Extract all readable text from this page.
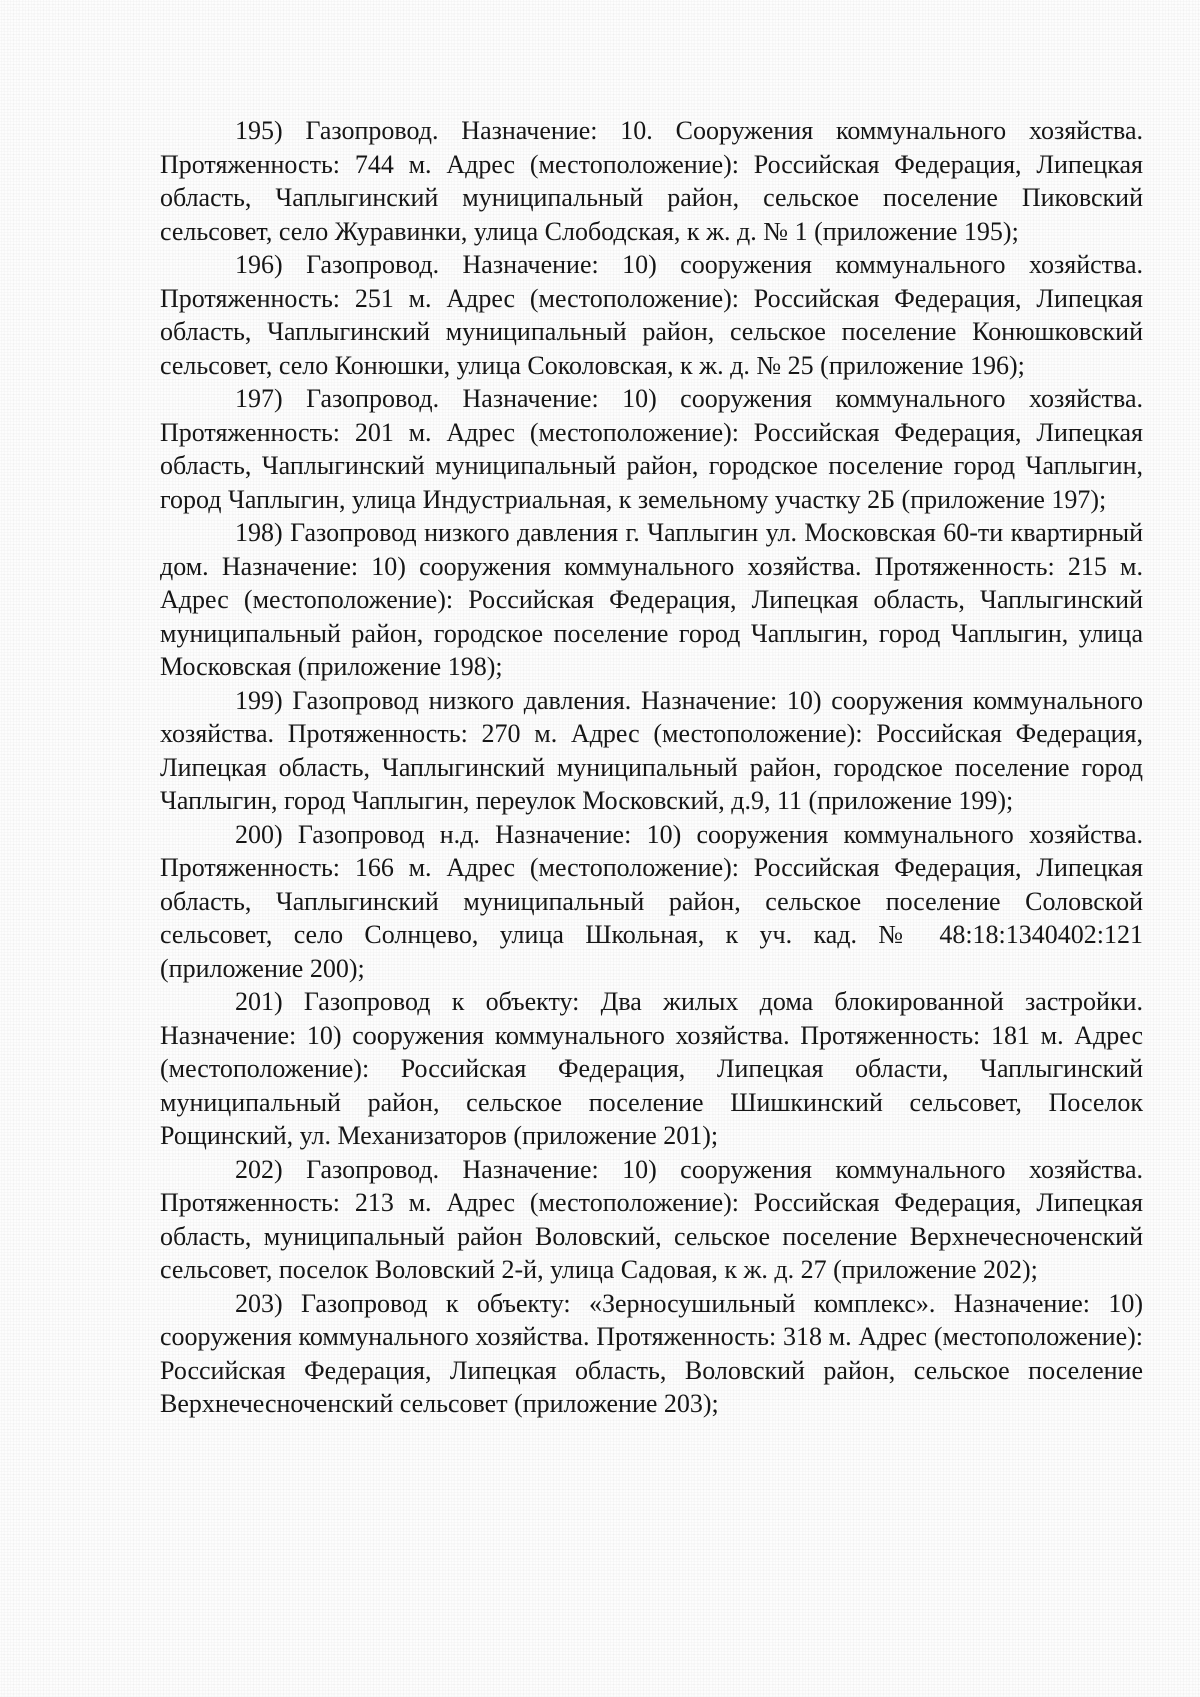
195) Газопровод. Назначение: 10. Сооружения коммунального хозяйства. Протяженность: 744 м. Адрес (местоположение): Российская Федерация, Липецкая область, Чаплыгинский муниципальный район, сельское поселение Пиковский сельсовет, село Журавинки, улица Слободская, к ж. д. № 1 (приложение 195);

196) Газопровод. Назначение: 10) сооружения коммунального хозяйства. Протяженность: 251 м. Адрес (местоположение): Российская Федерация, Липецкая область, Чаплыгинский муниципальный район, сельское поселение Конюшковский сельсовет, село Конюшки, улица Соколовская, к ж. д. № 25 (приложение 196);

197) Газопровод. Назначение: 10) сооружения коммунального хозяйства. Протяженность: 201 м. Адрес (местоположение): Российская Федерация, Липецкая область, Чаплыгинский муниципальный район, городское поселение город Чаплыгин, город Чаплыгин, улица Индустриальная, к земельному участку 2Б (приложение 197);

198) Газопровод низкого давления г. Чаплыгин ул. Московская 60-ти квартирный дом. Назначение: 10) сооружения коммунального хозяйства. Протяженность: 215 м. Адрес (местоположение): Российская Федерация, Липецкая область, Чаплыгинский муниципальный район, городское поселение город Чаплыгин, город Чаплыгин, улица Московская (приложение 198);

199) Газопровод низкого давления. Назначение: 10) сооружения коммунального хозяйства. Протяженность: 270 м. Адрес (местоположение): Российская Федерация, Липецкая область, Чаплыгинский муниципальный район, городское поселение город Чаплыгин, город Чаплыгин, переулок Московский, д.9, 11 (приложение 199);

200) Газопровод н.д. Назначение: 10) сооружения коммунального хозяйства. Протяженность: 166 м. Адрес (местоположение): Российская Федерация, Липецкая область, Чаплыгинский муниципальный район, сельское поселение Соловской сельсовет, село Солнцево, улица Школьная, к уч. кад. № 48:18:1340402:121 (приложение 200);

201) Газопровод к объекту: Два жилых дома блокированной застройки. Назначение: 10) сооружения коммунального хозяйства. Протяженность: 181 м. Адрес (местоположение): Российская Федерация, Липецкая области, Чаплыгинский муниципальный район, сельское поселение Шишкинский сельсовет, Поселок Рощинский, ул. Механизаторов (приложение 201);

202) Газопровод. Назначение: 10) сооружения коммунального хозяйства. Протяженность: 213 м. Адрес (местоположение): Российская Федерация, Липецкая область, муниципальный район Воловский, сельское поселение Верхнечесноченский сельсовет, поселок Воловский 2-й, улица Садовая, к ж. д. 27 (приложение 202);

203) Газопровод к объекту: «Зерносушильный комплекс». Назначение: 10) сооружения коммунального хозяйства. Протяженность: 318 м. Адрес (местоположение): Российская Федерация, Липецкая область, Воловский район, сельское поселение Верхнечесноченский сельсовет (приложение 203);
